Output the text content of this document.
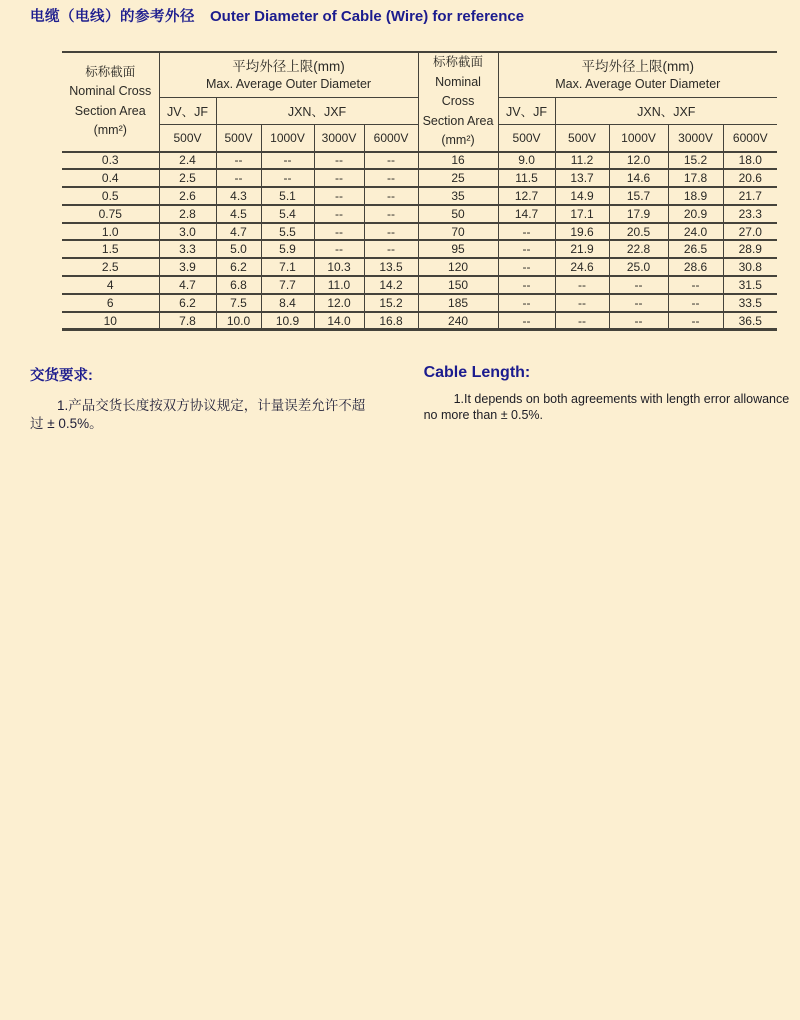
电缆（电线）的参考外径 Outer Diameter of Cable (Wire) for reference
标称截面
Nominal Cross
Section Area
(mm²)

平均外径上限(mm)
Max. Average Outer Diameter

标称截面
Nominal Cross
Section Area
(mm²)

平均外径上限(mm)
Max. Average Outer Diameter

	JV、JF	JXN、JXF					JV、JF	JXN、JXF			
	500V	500V	1000V	3000V	6000V		500V	500V	1000V	3000V	6000V
0.3	2.4	--	--	--	--	16	9.0	11.2	12.0	15.2	18.0
0.4	2.5	--	--	--	--	25	11.5	13.7	14.6	17.8	20.6
0.5	2.6	4.3	5.1	--	--	35	12.7	14.9	15.7	18.9	21.7
0.75	2.8	4.5	5.4	--	--	50	14.7	17.1	17.9	20.9	23.3
1.0	3.0	4.7	5.5	--	--	70	--	19.6	20.5	24.0	27.0
1.5	3.3	5.0	5.9	--	--	95	--	21.9	22.8	26.5	28.9
2.5	3.9	6.2	7.1	10.3	13.5	120	--	24.6	25.0	28.6	30.8
4	4.7	6.8	7.7	11.0	14.2	150	--	--	--	--	31.5
6	6.2	7.5	8.4	12.0	15.2	185	--	--	--	--	33.5
10	7.8	10.0	10.9	14.0	16.8	240	--	--	--	--	36.5
交货要求:

1.产品交货长度按双方协议规定，计量误差允许不超过 ± 0.5%。

Cable Length:

1.It depends on both agreements with length error allowance no more than ± 0.5%.
